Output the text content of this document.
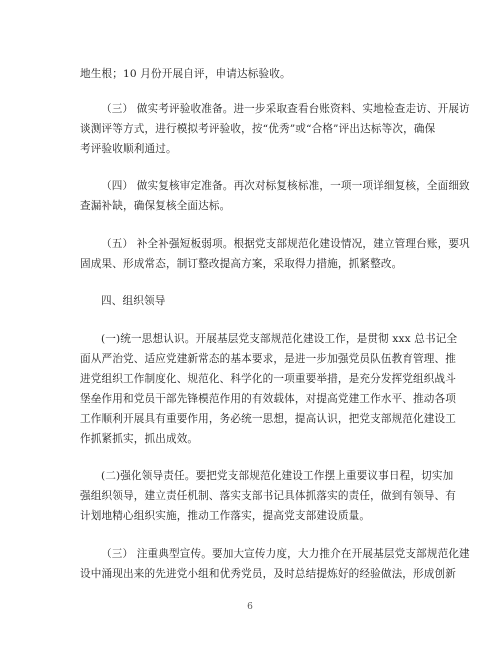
地生根；10 月份开展自评，申请达标验收。
（三） 做实考评验收准备。进一步采取查看台账资料、实地检查走访、开展访
谈测评等方式，进行模拟考评验收，按“优秀”或“合格”评出达标等次，确保
考评验收顺利通过。
（四） 做实复核审定准备。再次对标复核标准，一项一项详细复核，全面细致
查漏补缺，确保复核全面达标。
（五） 补全补强短板弱项。根据党支部规范化建设情况，建立管理台账，要巩
固成果、形成常态，制订整改提高方案，采取得力措施，抓紧整改。
四、组织领导
(一)统一思想认识。开展基层党支部规范化建设工作，是贯彻 xxx 总书记全
面从严治党、适应党建新常态的基本要求，是进一步加强党员队伍教育管理、推
进党组织工作制度化、规范化、科学化的一项重要举措，是充分发挥党组织战斗
堡垒作用和党员干部先锋模范作用的有效载体，对提高党建工作水平、推动各项
工作顺利开展具有重要作用，务必统一思想，提高认识，把党支部规范化建设工
作抓紧抓实，抓出成效。
(二)强化领导责任。要把党支部规范化建设工作摆上重要议事日程，切实加
强组织领导，建立责任机制、落实支部书记具体抓落实的责任，做到有领导、有
计划地精心组织实施，推动工作落实，提高党支部建设质量。
（三） 注重典型宣传。要加大宣传力度，大力推介在开展基层党支部规范化建
设中涌现出来的先进党小组和优秀党员，及时总结提炼好的经验做法，形成创新
6
